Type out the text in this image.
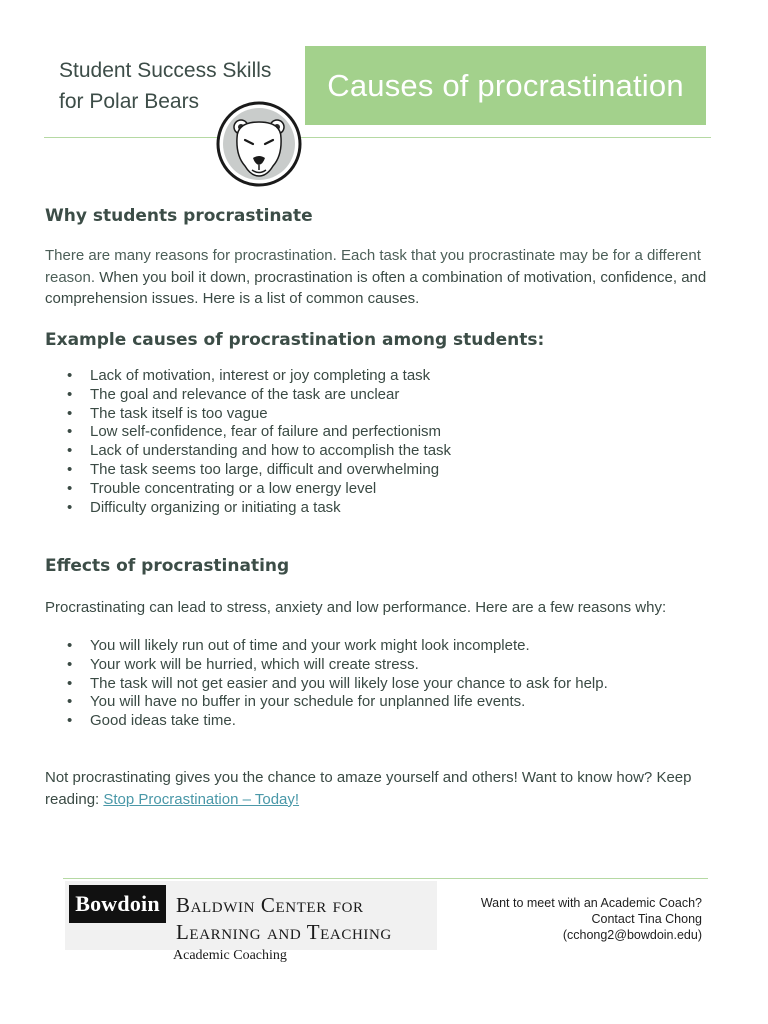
Student Success Skills
for Polar Bears	Causes of procrastination
Why students procrastinate
There are many reasons for procrastination. Each task that you procrastinate may be for a different reason. When you boil it down, procrastination is often a combination of motivation, confidence, and comprehension issues. Here is a list of common causes.
Example causes of procrastination among students:
• Lack of motivation, interest or joy completing a task
• The goal and relevance of the task are unclear
• The task itself is too vague
• Low self-confidence, fear of failure and perfectionism
• Lack of understanding and how to accomplish the task
• The task seems too large, difficult and overwhelming
• Trouble concentrating or a low energy level
• Difficulty organizing or initiating a task
Effects of procrastinating
Procrastinating can lead to stress, anxiety and low performance. Here are a few reasons why:
• You will likely run out of time and your work might look incomplete.
• Your work will be hurried, which will create stress.
• The task will not get easier and you will likely lose your chance to ask for help.
• You will have no buffer in your schedule for unplanned life events.
• Good ideas take time.
Not procrastinating gives you the chance to amaze yourself and others! Want to know how? Keep reading: Stop Procrastination – Today!
Bowdoin Baldwin Center for
Learning and Teaching
Academic Coaching
Want to meet with an Academic Coach?
Contact Tina Chong
(cchong2@bowdoin.edu)
